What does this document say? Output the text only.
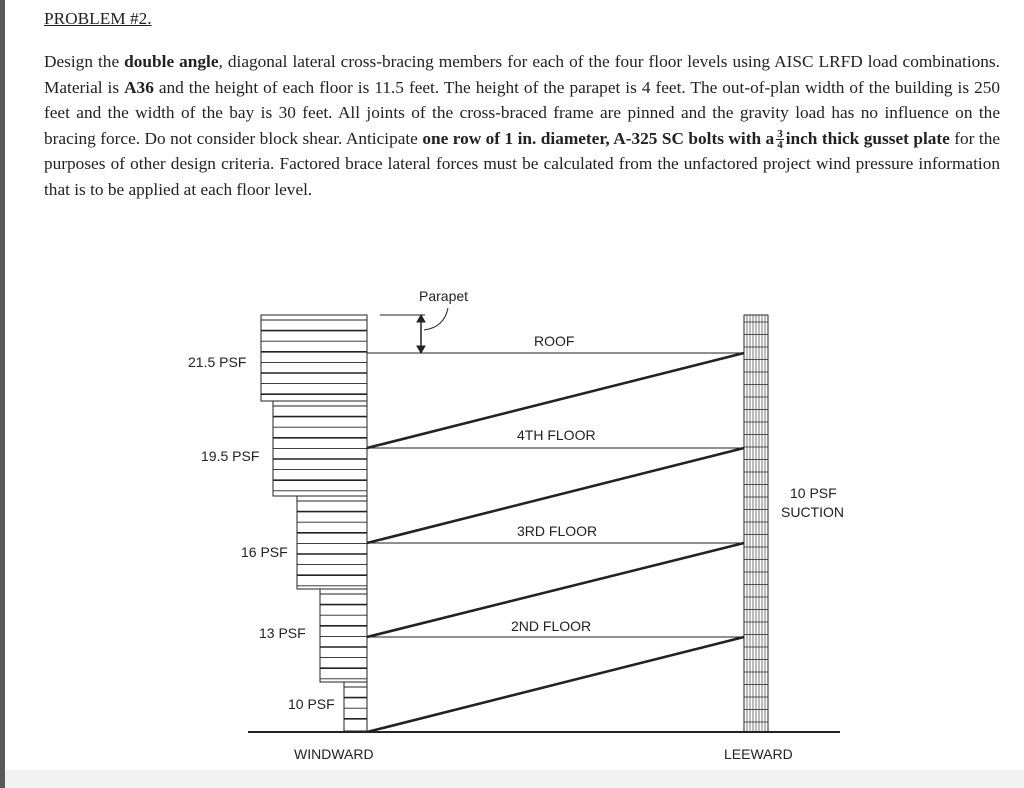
PROBLEM #2.

Design the double angle, diagonal lateral cross-bracing members for each of the four floor levels using AISC LRFD load combinations. Material is A36 and the height of each floor is 11.5 feet. The height of the parapet is 4 feet. The out-of-plan width of the building is 250 feet and the width of the bay is 30 feet. All joints of the cross-braced frame are pinned and the gravity load has no influence on the bracing force. Do not consider block shear. Anticipate one row of 1 in. diameter, A-325 SC bolts with a $\frac{3}{4}$ inch thick gusset plate for the purposes of other design criteria. Factored brace lateral forces must be calculated from the unfactored project wind pressure information that is to be applied at each floor level.

Parapet
ROOF
4TH FLOOR
3RD FLOOR
2ND FLOOR
21.5 PSF
19.5 PSF
16 PSF
13 PSF
10 PSF
10 PSF
SUCTION
WINDWARD	LEEWARD
